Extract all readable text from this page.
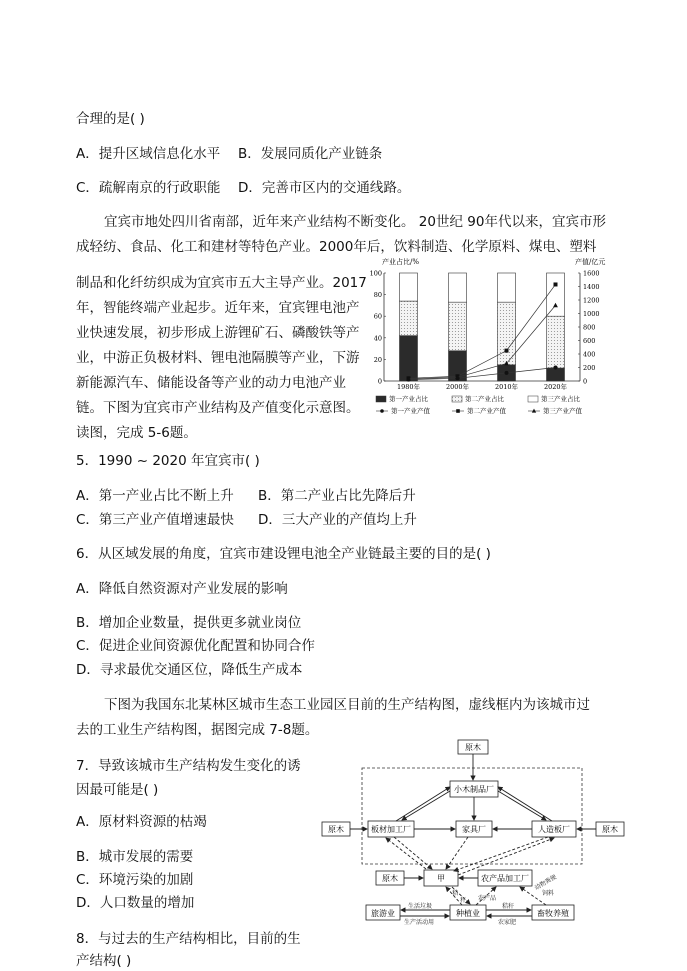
合理的是( )
A．提升区域信息化水平 B．发展同质化产业链条
C．疏解南京的行政职能 D．完善市区内的交通线路。
宜宾市地处四川省南部，近年来产业结构不断变化。 20世纪 90年代以来，宜宾市形
成轻纺、食品、化工和建材等特色产业。2000年后，饮料制造、化学原料、煤电、塑料
制品和化纤纺织成为宜宾市五大主导产业。2017
年，智能终端产业起步。近年来，宜宾锂电池产
业快速发展，初步形成上游锂矿石、磷酸铁等产
业，中游正负极材料、锂电池隔膜等产业，下游
新能源汽车、储能设备等产业的动力电池产业
链。下图为宜宾市产业结构及产值变化示意图。
读图，完成 5-6题。
产业占比/%	产值/亿元
0
20
40
60
80
100
0
200
400
600
800
1000
1200
1400
1600
1980年	2000年	2010年	2020年
第一产业占比	第二产业占比	第三产业占比
第一产业产值	第二产业产值	第三产业产值
5．1990 ~ 2020 年宜宾市( )
A．第一产业占比不断上升 B．第二产业占比先降后升
C．第三产业产值增速最快 D．三大产业的产值均上升
6．从区域发展的角度，宜宾市建设锂电池全产业链最主要的目的是( )
A．降低自然资源对产业发展的影响
B．增加企业数量，提供更多就业岗位
C．促进企业间资源优化配置和协同合作
D．寻求最优交通区位，降低生产成本
下图为我国东北某林区城市生态工业园区目前的生产结构图，虚线框内为该城市过
去的工业生产结构图，据图完成 7-8题。
7．导致该城市生产结构发生变化的诱
因最可能是( )
A．原材料资源的枯竭
B．城市发展的需要
C．环境污染的加剧
D．人口数量的增加
8．与过去的生产结构相比，目前的生
产结构( )
原木
小木制品厂
原木	板材加工厂	家具厂	人造板厂	原木
原木	甲	农产品加工厂
旅游业	种植业	畜牧养殖
生活垃圾
生产活动用
秸
秆 农产品
饲料
动物粪便
秸秆
农家肥
